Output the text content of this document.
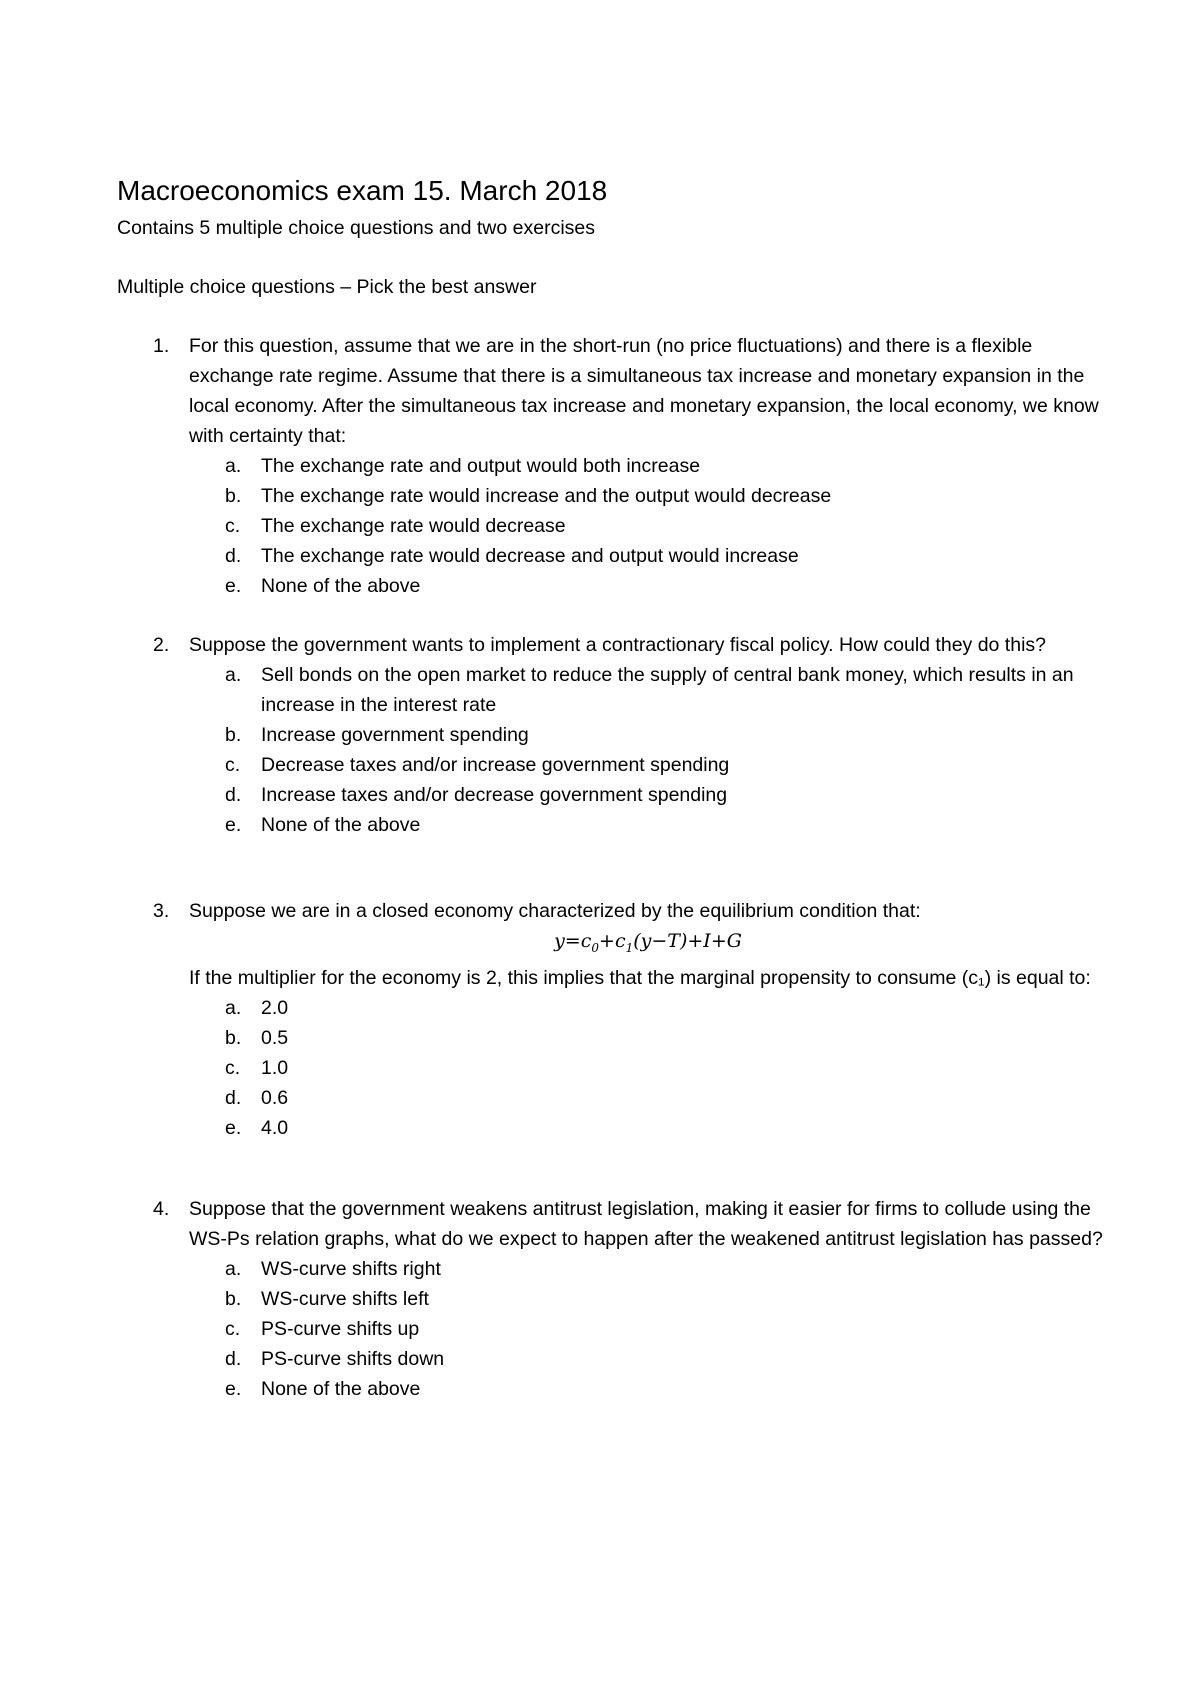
Macroeconomics exam 15. March 2018
Contains 5 multiple choice questions and two exercises
Multiple choice questions – Pick the best answer
1. For this question, assume that we are in the short-run (no price fluctuations) and there is a flexible exchange rate regime. Assume that there is a simultaneous tax increase and monetary expansion in the local economy. After the simultaneous tax increase and monetary expansion, the local economy, we know with certainty that:
a. The exchange rate and output would both increase
b. The exchange rate would increase and the output would decrease
c. The exchange rate would decrease
d. The exchange rate would decrease and output would increase
e. None of the above
2. Suppose the government wants to implement a contractionary fiscal policy. How could they do this?
a. Sell bonds on the open market to reduce the supply of central bank money, which results in an increase in the interest rate
b. Increase government spending
c. Decrease taxes and/or increase government spending
d. Increase taxes and/or decrease government spending
e. None of the above
3. Suppose we are in a closed economy characterized by the equilibrium condition that:
$y=c_0+c_1(y-T)+I+G$
If the multiplier for the economy is 2, this implies that the marginal propensity to consume (c₁) is equal to:
a. 2.0
b. 0.5
c. 1.0
d. 0.6
e. 4.0
4. Suppose that the government weakens antitrust legislation, making it easier for firms to collude using the WS-Ps relation graphs, what do we expect to happen after the weakened antitrust legislation has passed?
a. WS-curve shifts right
b. WS-curve shifts left
c. PS-curve shifts up
d. PS-curve shifts down
e. None of the above
